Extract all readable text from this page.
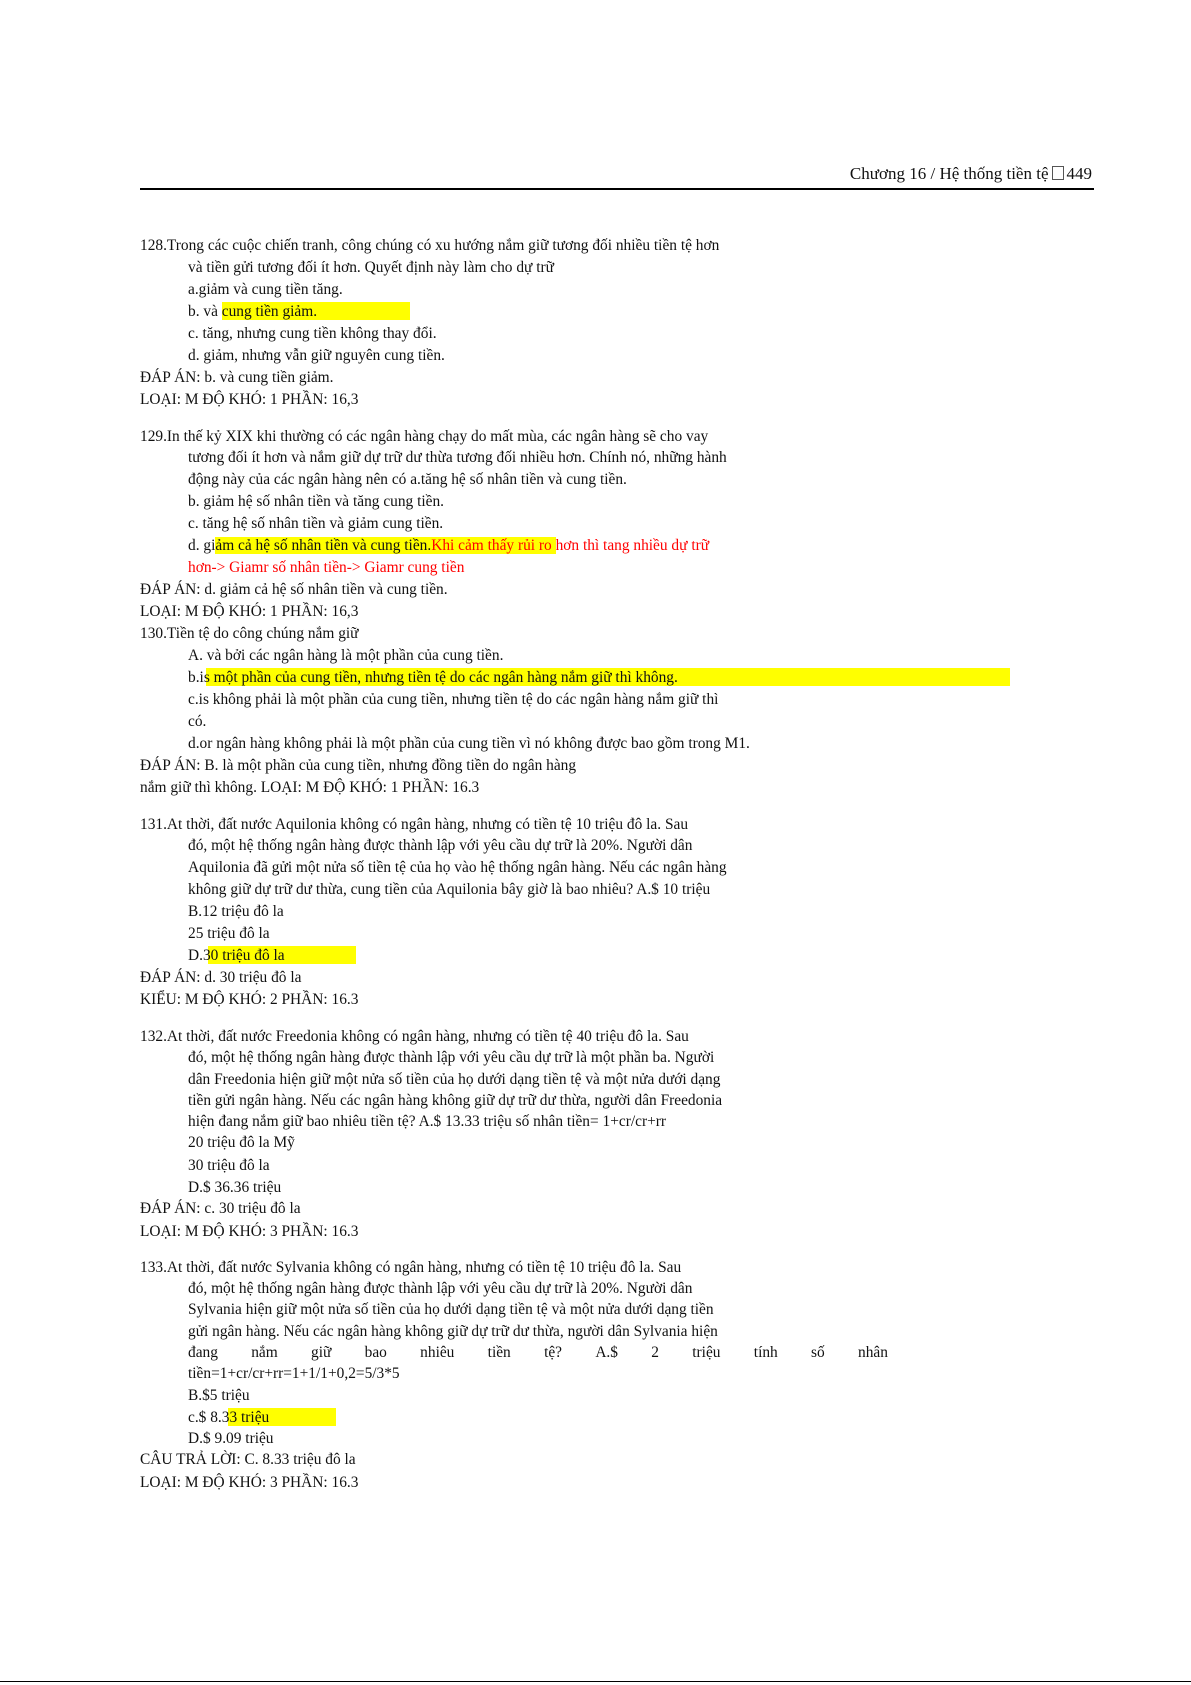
Chương 16 / Hệ thống tiền tệ 449
128.Trong các cuộc chiến tranh, công chúng có xu hướng nắm giữ tương đối nhiều tiền tệ hơn
và tiền gửi tương đối ít hơn. Quyết định này làm cho dự trữ
a.giảm và cung tiền tăng.
b. và cung tiền giảm.
c. tăng, nhưng cung tiền không thay đổi.
d. giảm, nhưng vẫn giữ nguyên cung tiền.
ĐÁP ÁN: b. và cung tiền giảm.
LOẠI: M ĐỘ KHÓ: 1 PHẦN: 16,3
129.In thế kỷ XIX khi thường có các ngân hàng chạy do mất mùa, các ngân hàng sẽ cho vay
tương đối ít hơn và nắm giữ dự trữ dư thừa tương đối nhiều hơn. Chính nó, những hành
động này của các ngân hàng nên có a.tăng hệ số nhân tiền và cung tiền.
b. giảm hệ số nhân tiền và tăng cung tiền.
c. tăng hệ số nhân tiền và giảm cung tiền.
d. giảm cả hệ số nhân tiền và cung tiền.Khi cảm thấy rủi ro hơn thì tang nhiều dự trữ
hơn-> Giamr số nhân tiền-> Giamr cung tiền
ĐÁP ÁN: d. giảm cả hệ số nhân tiền và cung tiền.
LOẠI: M ĐỘ KHÓ: 1 PHẦN: 16,3
130.Tiền tệ do công chúng nắm giữ
A. và bởi các ngân hàng là một phần của cung tiền.
b.is một phần của cung tiền, nhưng tiền tệ do các ngân hàng nắm giữ thì không.
c.is không phải là một phần của cung tiền, nhưng tiền tệ do các ngân hàng nắm giữ thì
có.
d.or ngân hàng không phải là một phần của cung tiền vì nó không được bao gồm trong M1.
ĐÁP ÁN: B. là một phần của cung tiền, nhưng đồng tiền do ngân hàng
nắm giữ thì không. LOẠI: M ĐỘ KHÓ: 1 PHẦN: 16.3
131.At thời, đất nước Aquilonia không có ngân hàng, nhưng có tiền tệ 10 triệu đô la. Sau
đó, một hệ thống ngân hàng được thành lập với yêu cầu dự trữ là 20%. Người dân
Aquilonia đã gửi một nửa số tiền tệ của họ vào hệ thống ngân hàng. Nếu các ngân hàng
không giữ dự trữ dư thừa, cung tiền của Aquilonia bây giờ là bao nhiêu? A.$ 10 triệu
B.12 triệu đô la
25 triệu đô la
D.30 triệu đô la
ĐÁP ÁN: d. 30 triệu đô la
KIỂU: M ĐỘ KHÓ: 2 PHẦN: 16.3
132.At thời, đất nước Freedonia không có ngân hàng, nhưng có tiền tệ 40 triệu đô la. Sau
đó, một hệ thống ngân hàng được thành lập với yêu cầu dự trữ là một phần ba. Người
dân Freedonia hiện giữ một nửa số tiền của họ dưới dạng tiền tệ và một nửa dưới dạng
tiền gửi ngân hàng. Nếu các ngân hàng không giữ dự trữ dư thừa, người dân Freedonia
hiện đang nắm giữ bao nhiêu tiền tệ? A.$ 13.33 triệu số nhân tiền= 1+cr/cr+rr
20 triệu đô la Mỹ
30 triệu đô la
D.$ 36.36 triệu
ĐÁP ÁN: c. 30 triệu đô la
LOẠI: M ĐỘ KHÓ: 3 PHẦN: 16.3
133.At thời, đất nước Sylvania không có ngân hàng, nhưng có tiền tệ 10 triệu đô la. Sau
đó, một hệ thống ngân hàng được thành lập với yêu cầu dự trữ là 20%. Người dân
Sylvania hiện giữ một nửa số tiền của họ dưới dạng tiền tệ và một nửa dưới dạng tiền
gửi ngân hàng. Nếu các ngân hàng không giữ dự trữ dư thừa, người dân Sylvania hiện
đang nắm giữ bao nhiêu tiền tệ? A.$ 2 triệu tính số nhân
tiền=1+cr/cr+rr=1+1/1+0,2=5/3*5
B.$5 triệu
c.$ 8.33 triệu
D.$ 9.09 triệu
CÂU TRẢ LỜI: C. 8.33 triệu đô la
LOẠI: M ĐỘ KHÓ: 3 PHẦN: 16.3
